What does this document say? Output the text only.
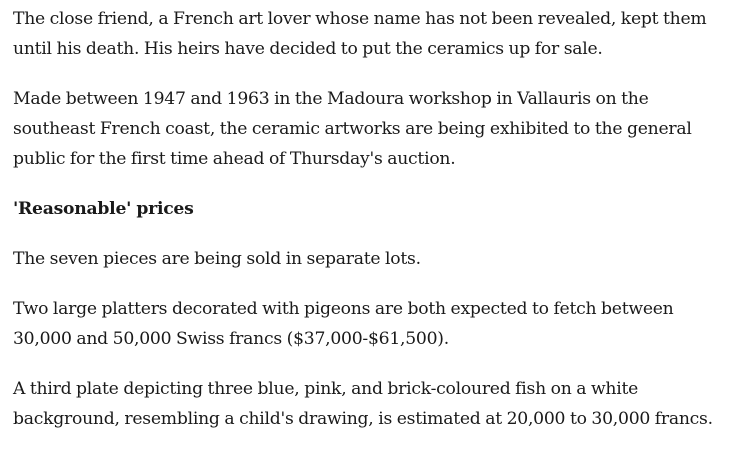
The close friend, a French art lover whose name has not been revealed, kept them until his death. His heirs have decided to put the ceramics up for sale.

Made between 1947 and 1963 in the Madoura workshop in Vallauris on the southeast French coast, the ceramic artworks are being exhibited to the general public for the first time ahead of Thursday's auction.

'Reasonable' prices

The seven pieces are being sold in separate lots.

Two large platters decorated with pigeons are both expected to fetch between 30,000 and 50,000 Swiss francs ($37,000-$61,500).

A third plate depicting three blue, pink, and brick-coloured fish on a white background, resembling a child's drawing, is estimated at 20,000 to 30,000 francs.
